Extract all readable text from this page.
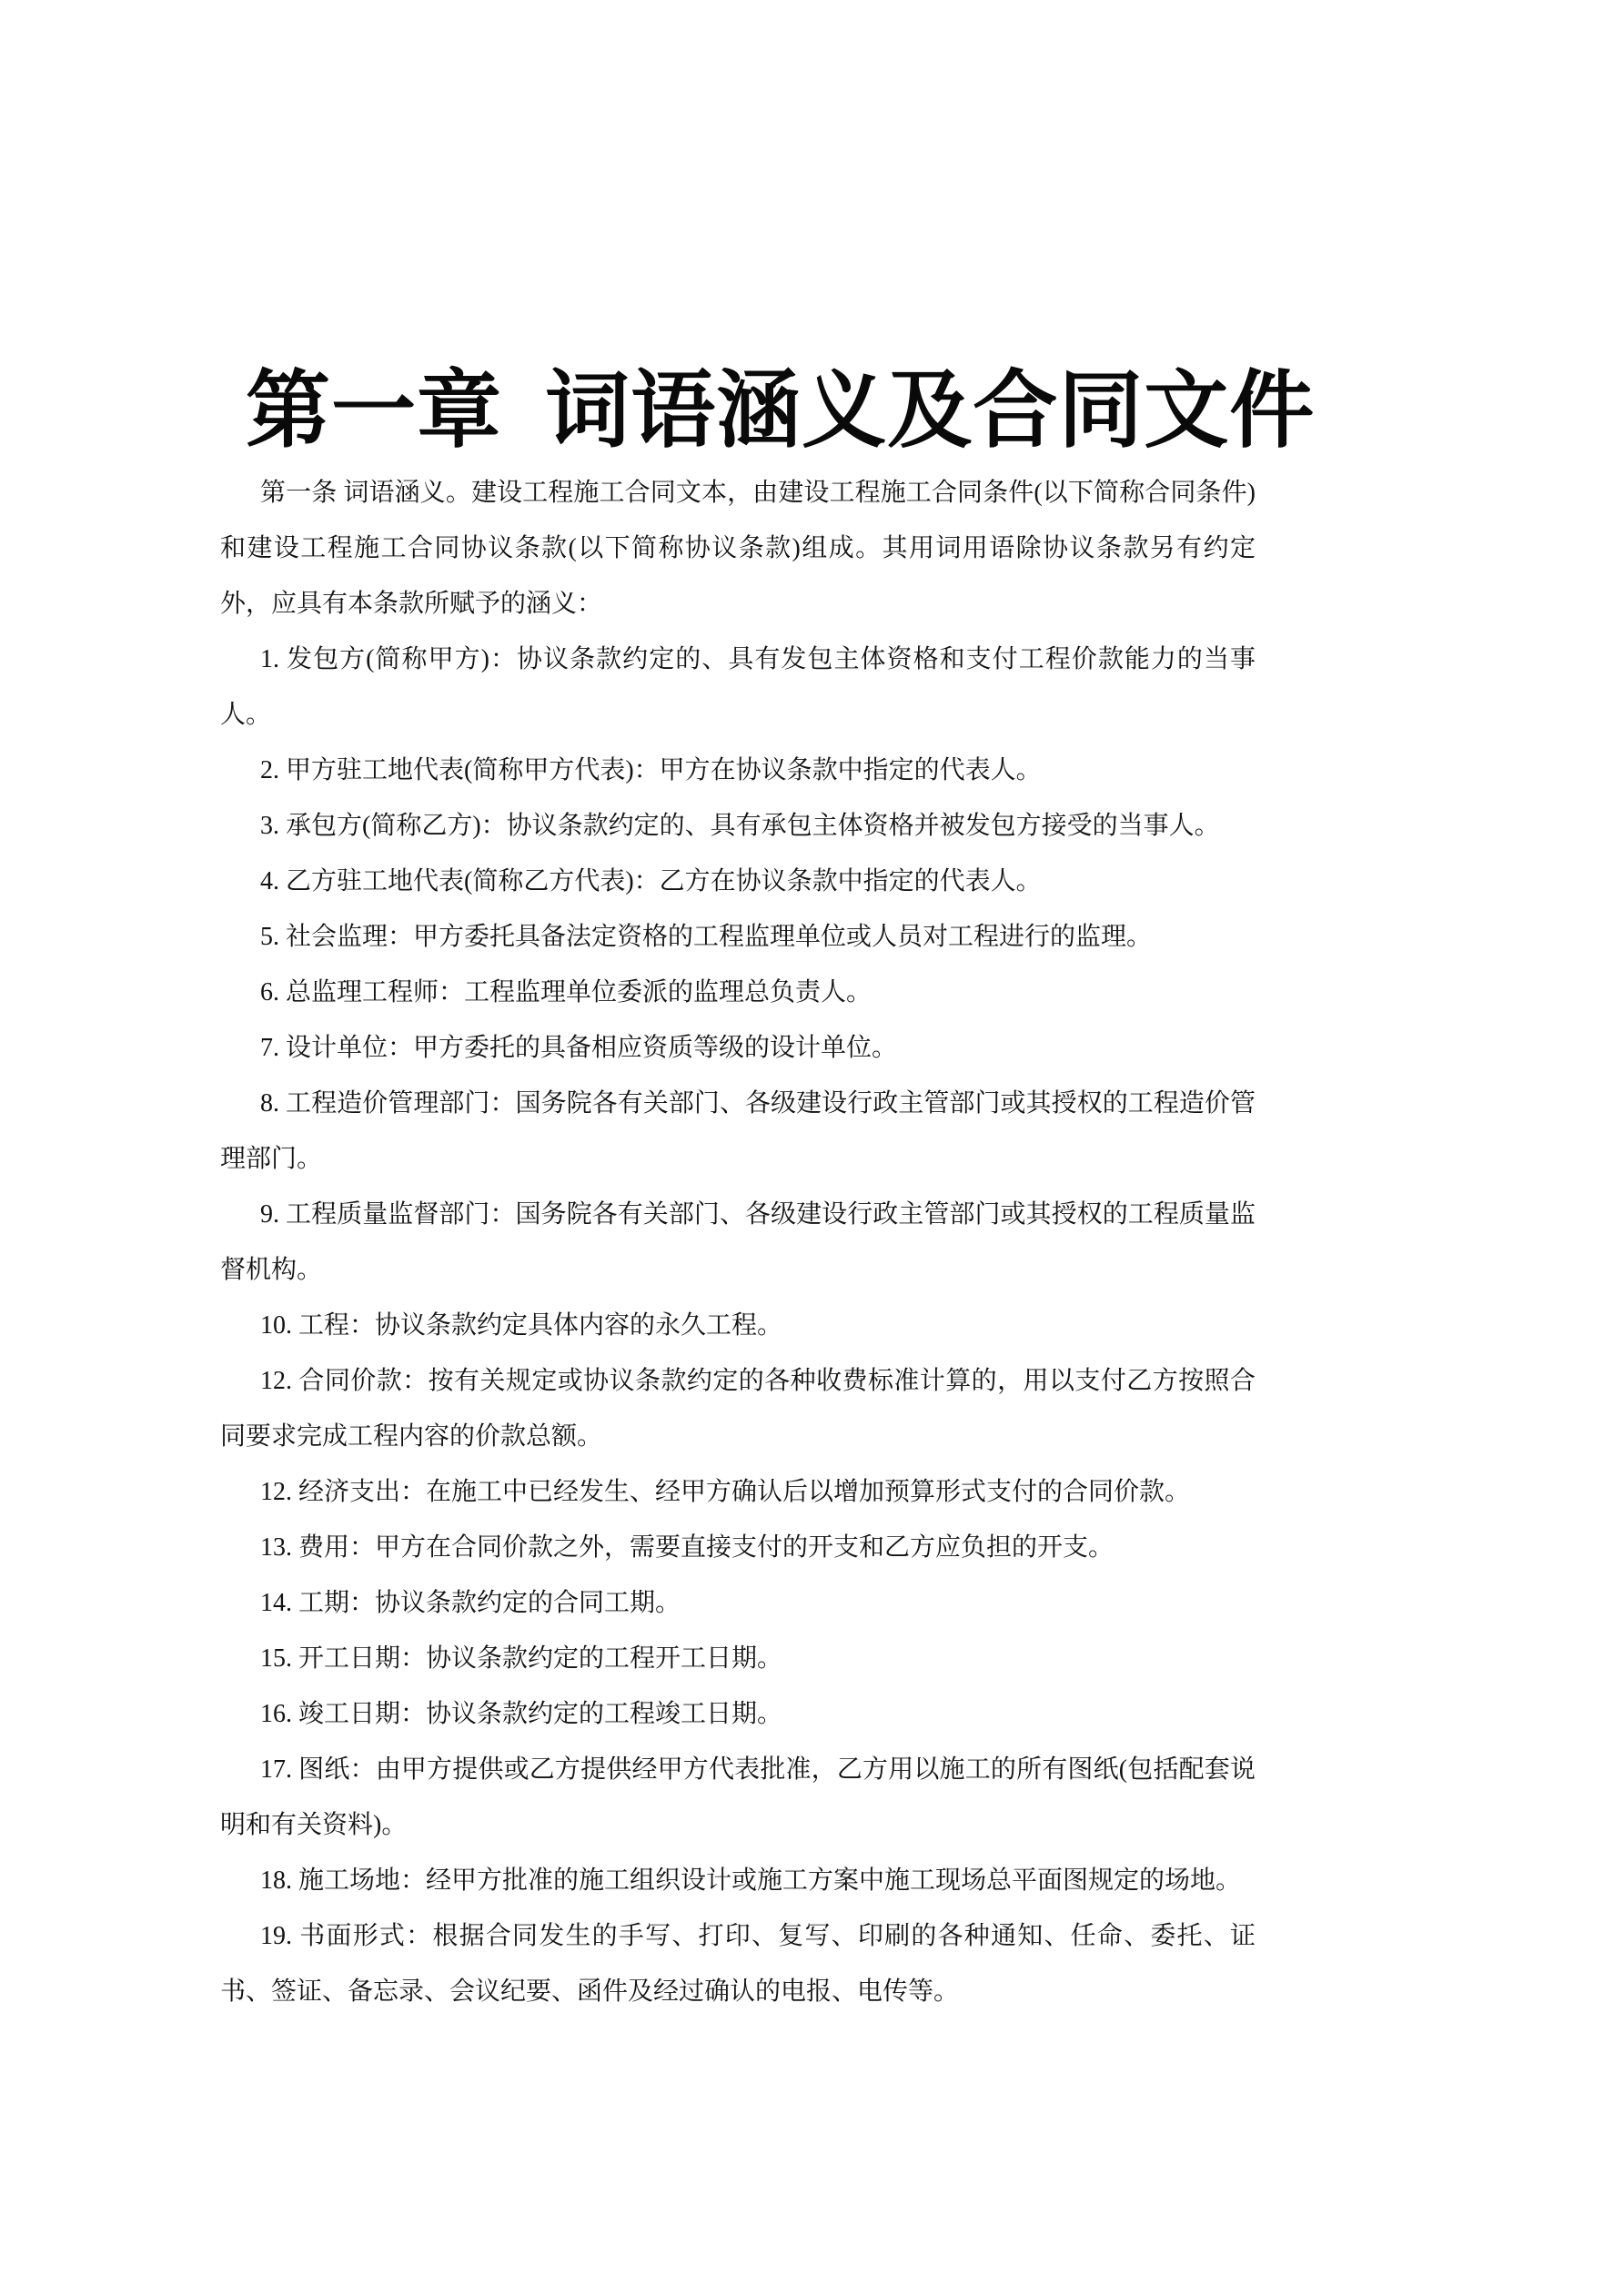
第一章 词语涵义及合同文件

第一条 词语涵义。建设工程施工合同文本，由建设工程施工合同条件(以下简称合同条件)和建设工程施工合同协议条款(以下简称协议条款)组成。其用词用语除协议条款另有约定外，应具有本条款所赋予的涵义：

1. 发包方(简称甲方)：协议条款约定的、具有发包主体资格和支付工程价款能力的当事人。

2. 甲方驻工地代表(简称甲方代表)：甲方在协议条款中指定的代表人。

3. 承包方(简称乙方)：协议条款约定的、具有承包主体资格并被发包方接受的当事人。

4. 乙方驻工地代表(简称乙方代表)：乙方在协议条款中指定的代表人。

5. 社会监理：甲方委托具备法定资格的工程监理单位或人员对工程进行的监理。

6. 总监理工程师：工程监理单位委派的监理总负责人。

7. 设计单位：甲方委托的具备相应资质等级的设计单位。

8. 工程造价管理部门：国务院各有关部门、各级建设行政主管部门或其授权的工程造价管理部门。

9. 工程质量监督部门：国务院各有关部门、各级建设行政主管部门或其授权的工程质量监督机构。

10. 工程：协议条款约定具体内容的永久工程。

12. 合同价款：按有关规定或协议条款约定的各种收费标准计算的，用以支付乙方按照合同要求完成工程内容的价款总额。

12. 经济支出：在施工中已经发生、经甲方确认后以增加预算形式支付的合同价款。

13. 费用：甲方在合同价款之外，需要直接支付的开支和乙方应负担的开支。

14. 工期：协议条款约定的合同工期。

15. 开工日期：协议条款约定的工程开工日期。

16. 竣工日期：协议条款约定的工程竣工日期。

17. 图纸：由甲方提供或乙方提供经甲方代表批准，乙方用以施工的所有图纸(包括配套说明和有关资料)。

18. 施工场地：经甲方批准的施工组织设计或施工方案中施工现场总平面图规定的场地。

19. 书面形式：根据合同发生的手写、打印、复写、印刷的各种通知、任命、委托、证书、签证、备忘录、会议纪要、函件及经过确认的电报、电传等。
